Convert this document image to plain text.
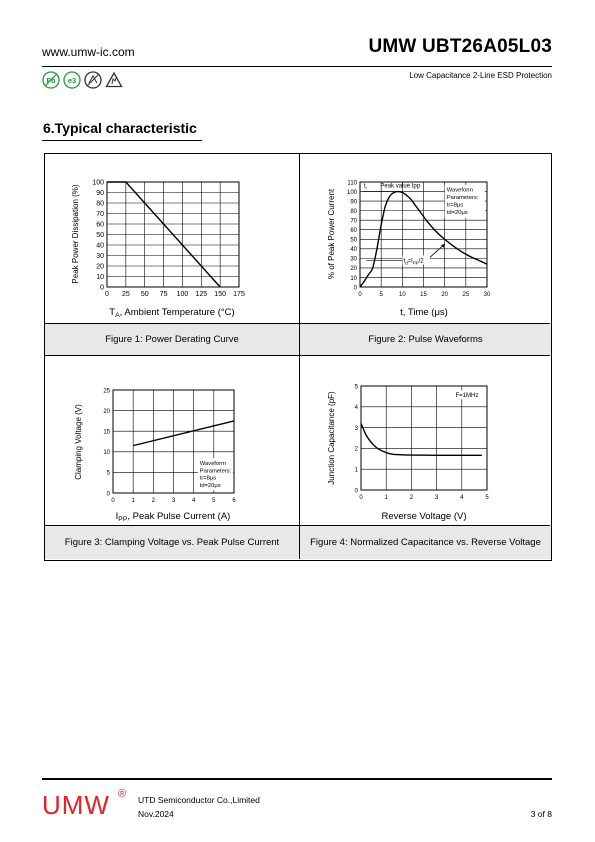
www.umw-ic.com	UMW UBT26A05L03
Low Capacitance 2-Line ESD Protection
Pb e3
6.Typical characteristic
0 25 50 75 100 125 150 175
0
10
20
30
40
50
60
70
80
90
100
Peak Power Dissipation (%)
$T_A$, Ambient Temperature (°C)
0	5	10 15 20 25 30
0
10
20
30
40
50
60
70
80
90
100
110
% of Peak Power Current
t, Time (μs)
$t_r$ Peak value Ipp
Waveform
Parameters:
tr=8μs
td=20μs
$t_d=I_{PP}/2$
Figure 1: Power Derating Curve	Figure 2: Pulse Waveforms
0	1	2	3	4	5	6
0
5
10
15
20
25
Clamping Voltage (V)
$I_{PP}$, Peak Pulse Current (A)
Waveform
Parameters:
tr=8μs
td=20μs
0	1	2	3	4	5
0
1
2
3
4
5
Junction Capacitance (pF)
Reverse Voltage (V)
F=1MHz
Figure 3: Clamping Voltage vs. Peak Pulse Current	Figure 4: Normalized Capacitance vs. Reverse Voltage
UMW ® UTD Semiconductor Co.,Limited
Nov.2024	3 of 8
